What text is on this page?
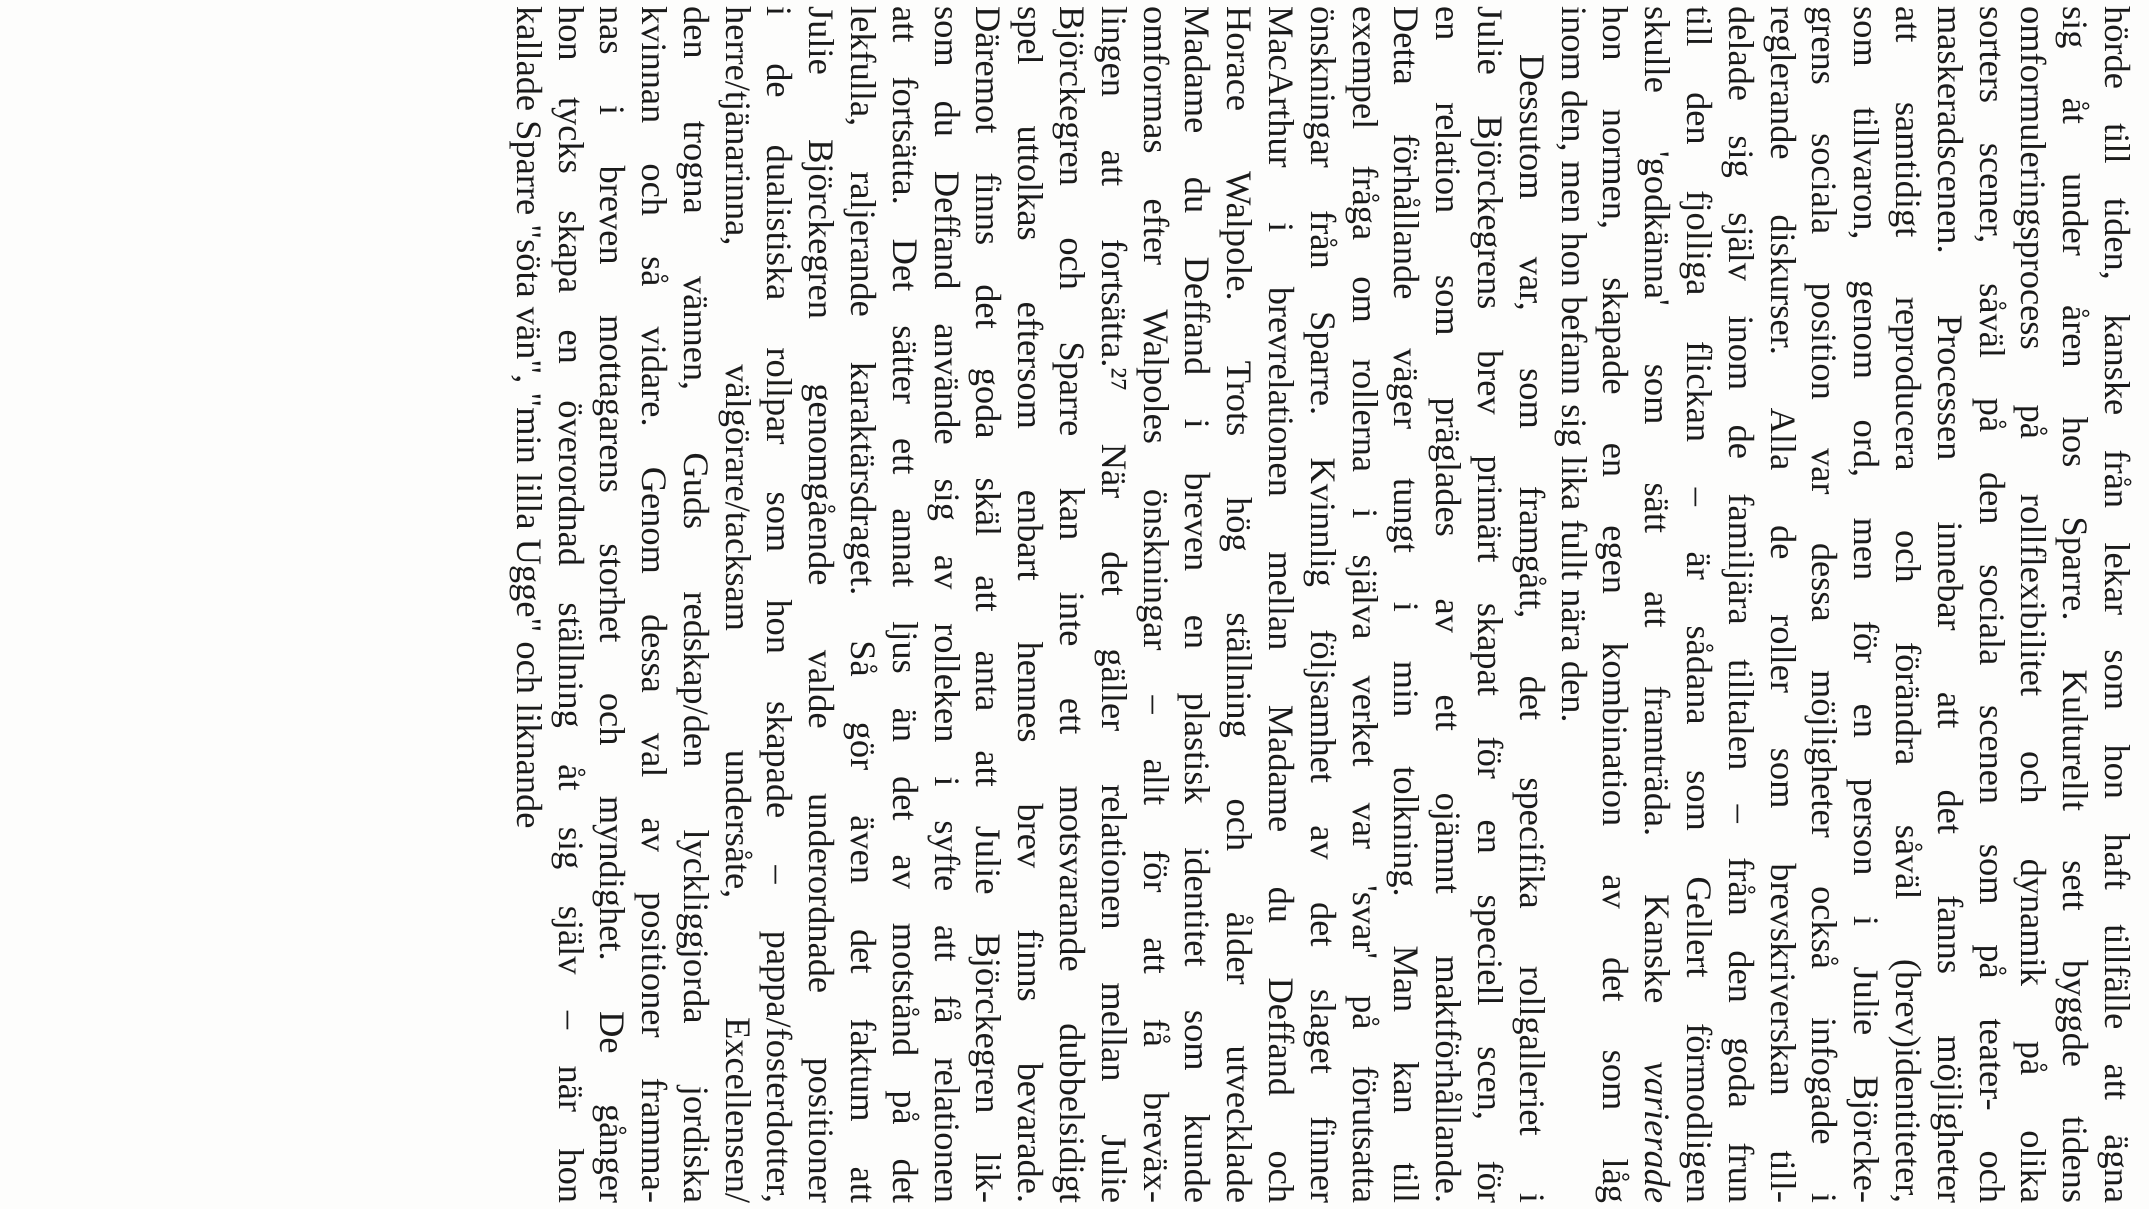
hörde till tiden, kanske från lekar som hon haft tillfälle att ägna
sig åt under åren hos Sparre. Kulturellt sett byggde tidens
omformuleringsprocess på rollflexibilitet och dynamik på olika
sorters scener, såväl på den sociala scenen som på teater- och
maskeradscenen. Processen innebar att det fanns möjligheter
att samtidigt reproducera och förändra såväl (brev)identiteter,
som tillvaron, genom ord, men för en person i Julie Björcke-
grens sociala position var dessa möjligheter också infogade i
reglerande diskurser. Alla de roller som brevskriverskan till-
delade sig själv inom de familjära tilltalen – från den goda frun
till den fjolliga flickan – är sådana som Gellert förmodligen
skulle 'godkänna' som sätt att framträda. Kanske varierade
hon normen, skapade en egen kombination av det som låg
inom den, men hon befann sig lika fullt nära den.
Dessutom var, som framgått, det specifika rollgalleriet i
Julie Björckegrens brev primärt skapat för en speciell scen, för
en relation som präglades av ett ojämnt maktförhållande.
Detta förhållande väger tungt i min tolkning. Man kan till
exempel fråga om rollerna i själva verket var 'svar' på förutsatta
önskningar från Sparre. Kvinnlig följsamhet av det slaget finner
MacArthur i brevrelationen mellan Madame du Deffand och
Horace Walpole. Trots hög ställning och ålder utvecklade
Madame du Deffand i breven en plastisk identitet som kunde
omformas efter Walpoles önskningar – allt för att få breväx-
lingen att fortsätta.²⁷ När det gäller relationen mellan Julie
Björckegren och Sparre kan inte ett motsvarande dubbelsidigt
spel uttolkas eftersom enbart hennes brev finns bevarade.
Däremot finns det goda skäl att anta att Julie Björckegren lik-
som du Deffand använde sig av rolleken i syfte att få relationen
att fortsätta. Det sätter ett annat ljus än det av motstånd på det
lekfulla, raljerande karaktärsdraget. Så gör även det faktum att
Julie Björckegren genomgående valde underordnade positioner
i de dualistiska rollpar som hon skapade – pappa/fosterdotter,
herre/tjänarinna, välgörare/tacksam undersåte, Excellensen/
den trogna vännen, Guds redskap/den lyckliggjorda jordiska
kvinnan och så vidare. Genom dessa val av positioner framma-
nas i breven mottagarens storhet och myndighet. De gånger
hon tycks skapa en överordnad ställning åt sig själv – när hon
kallade Sparre "söta vän", "min lilla Ugge" och liknande
